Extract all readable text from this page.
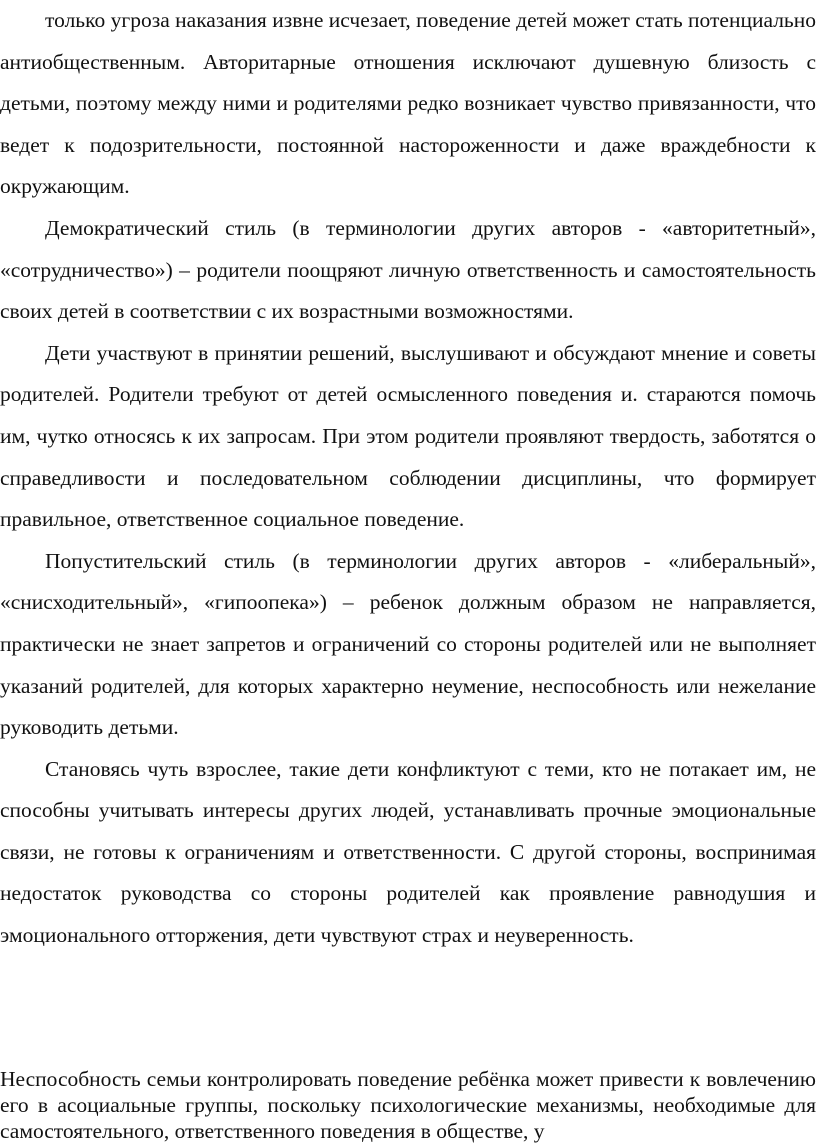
только угроза наказания извне исчезает, поведение детей может стать потенциально антиобщественным. Авторитарные отношения исключают душевную близость с детьми, поэтому между ними и родителями редко возникает чувство привязанности, что ведет к подозрительности, постоянной настороженности и даже враждебности к окружающим.

Демократический стиль (в терминологии других авторов - «авторитетный», «сотрудничество») – родители поощряют личную ответственность и самостоятельность своих детей в соответствии с их возрастными возможностями.

Дети участвуют в принятии решений, выслушивают и обсуждают мнение и советы родителей. Родители требуют от детей осмысленного поведения и. стараются помочь им, чутко относясь к их запросам. При этом родители проявляют твердость, заботятся о справедливости и последовательном соблюдении дисциплины, что формирует правильное, ответственное социальное поведение.

Попустительский стиль (в терминологии других авторов - «либеральный», «снисходительный», «гипоопека») – ребенок должным образом не направляется, практически не знает запретов и ограничений со стороны родителей или не выполняет указаний родителей, для которых характерно неумение, неспособность или нежелание руководить детьми.

Становясь чуть взрослее, такие дети конфликтуют с теми, кто не потакает им, не способны учитывать интересы других людей, устанавливать прочные эмоциональные связи, не готовы к ограничениям и ответственности. С другой стороны, воспринимая недостаток руководства со стороны родителей как проявление равнодушия и эмоционального отторжения, дети чувствуют страх и неуверенность.

Неспособность семьи контролировать поведение ребёнка может привести к вовлечению его в асоциальные группы, поскольку психологические механизмы, необходимые для самостоятельного, ответственного поведения в обществе, у
